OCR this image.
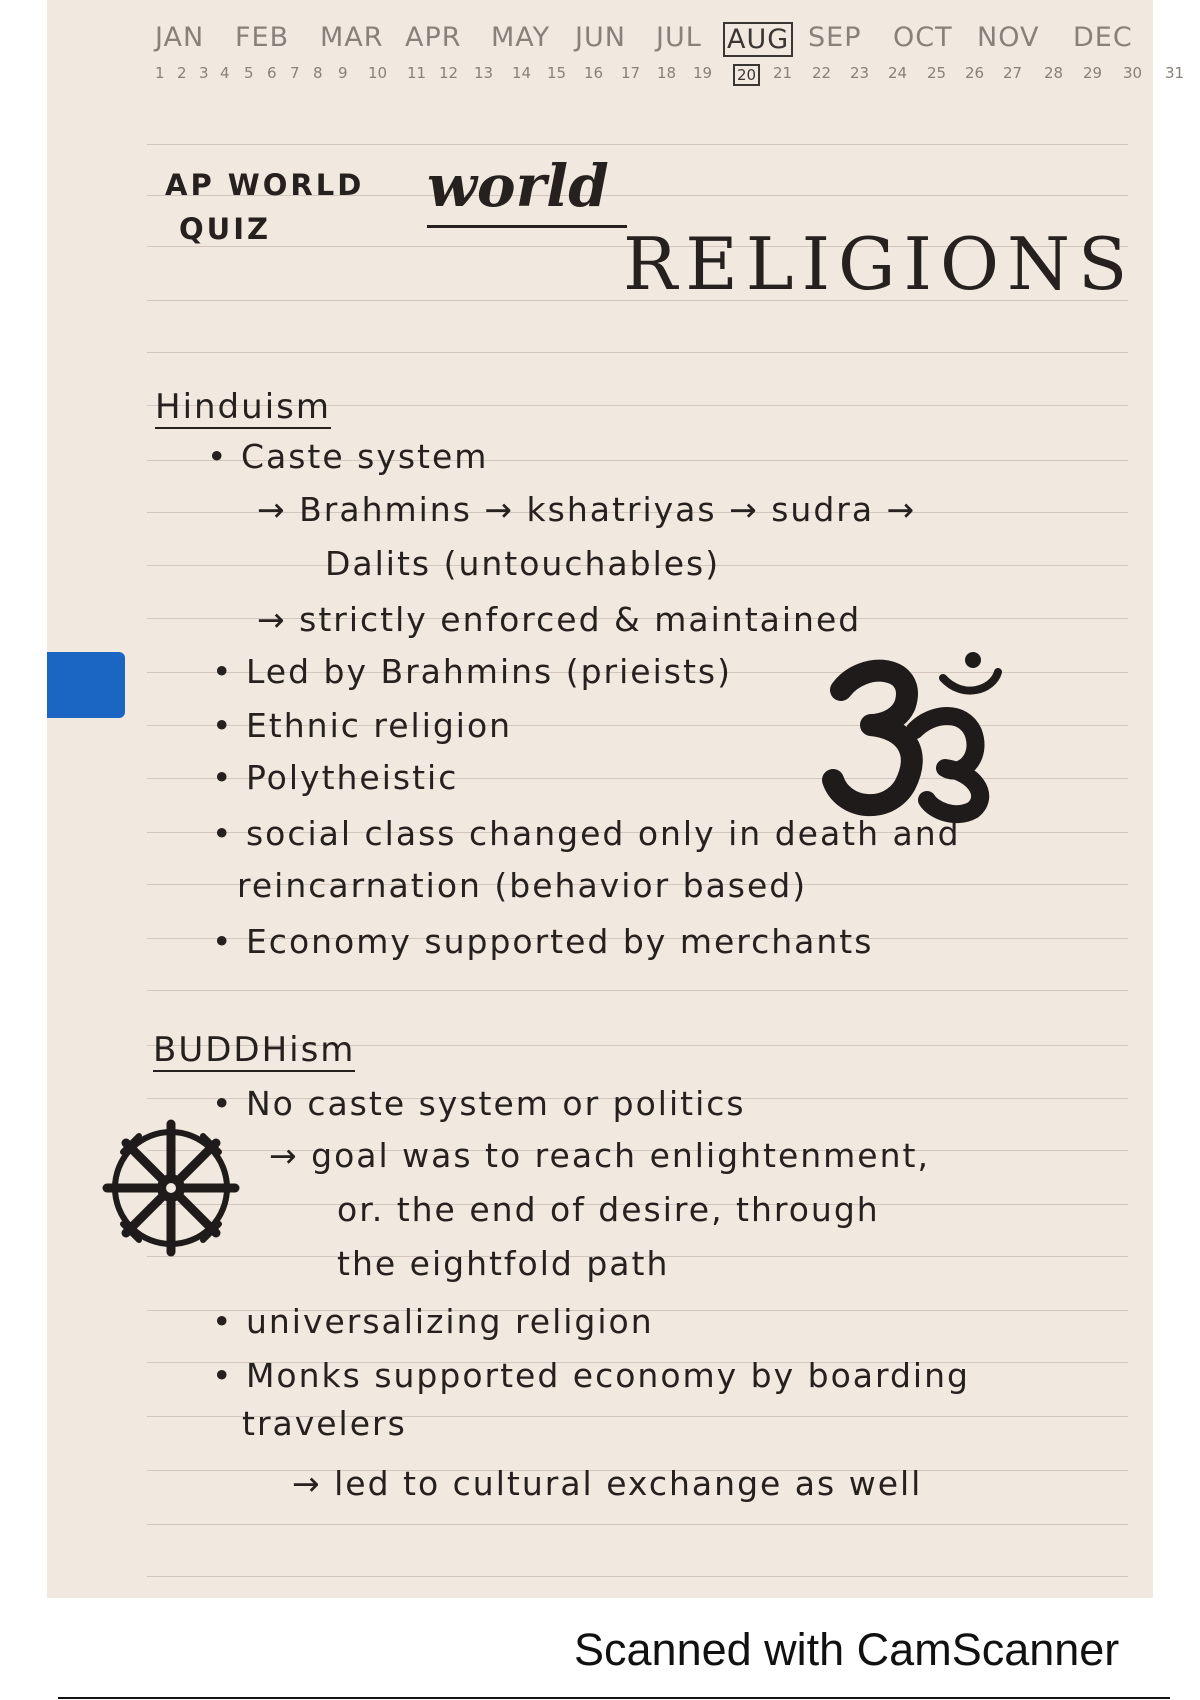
JAN FEB MAR APR MAY JUN JUL AUG SEP OCT NOV DEC
1 2 3 4 5 6 7 8 9 10 11 12 13 14 15 16 17 18 19 20 21 22 23 24 25 26 27 28 29 30 31
AP WORLD
QUIZ
world
RELIGIONS
Hinduism
• Caste system
→ Brahmins → kshatriyas → sudra →
Dalits (untouchables)
→ strictly enforced & maintained
• Led by Brahmins (prieists)
• Ethnic religion
• Polytheistic
• social class changed only in death and
reincarnation (behavior based)
• Economy supported by merchants
BUDDHism
• No caste system or politics
→ goal was to reach enlightenment,
or. the end of desire, through
the eightfold path
• universalizing religion
• Monks supported economy by boarding
travelers
→ led to cultural exchange as well
Scanned with CamScanner
